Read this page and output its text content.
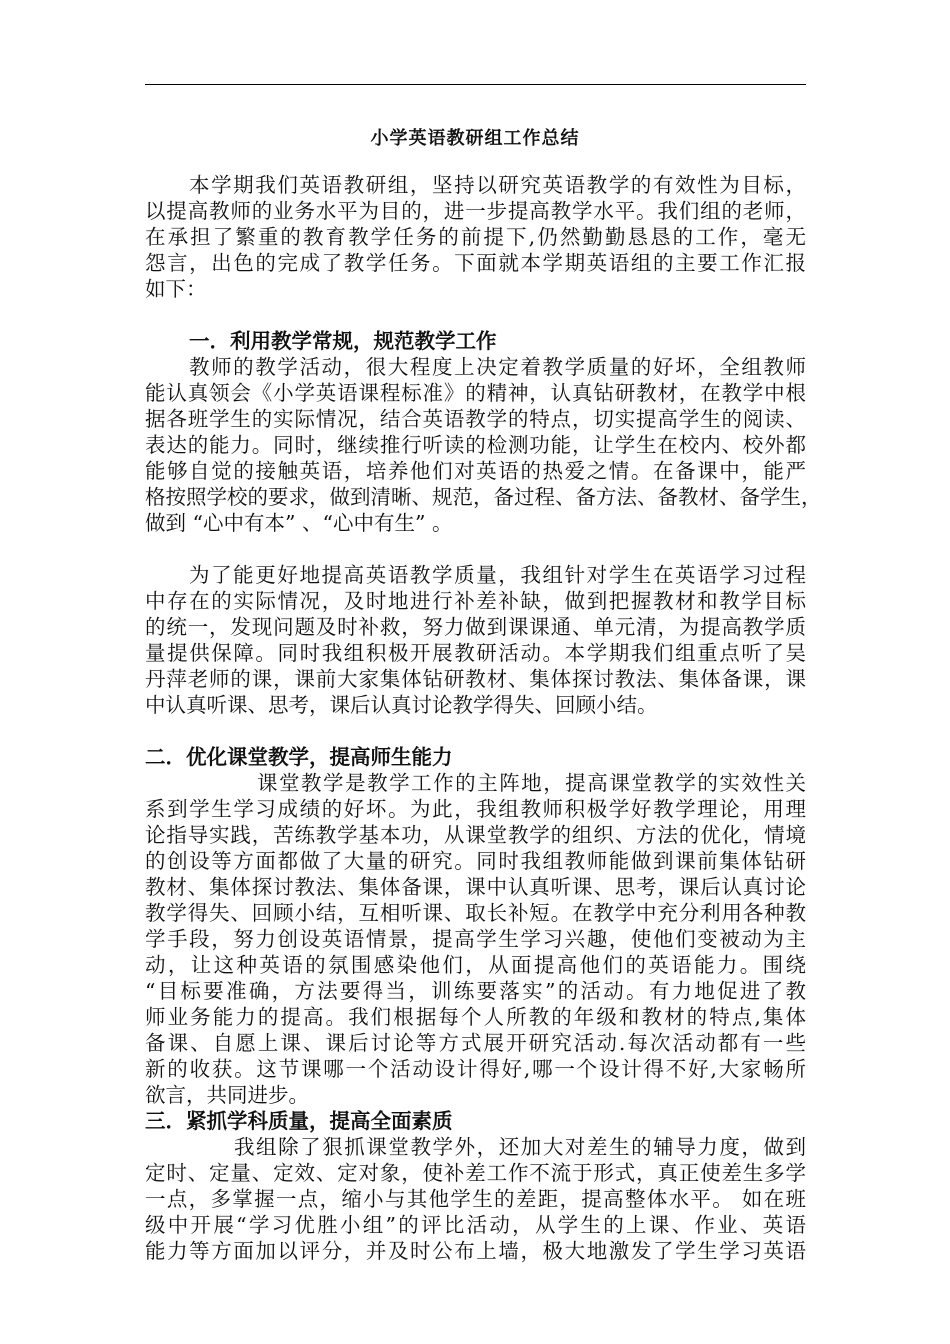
小学英语教研组工作总结
本学期我们英语教研组，坚持以研究英语教学的有效性为目标，
以提高教师的业务水平为目的，进一步提高教学水平。我们组的老师，
在承担了繁重的教育教学任务的前提下,仍然勤勤恳恳的工作，毫无
怨言，出色的完成了教学任务。下面就本学期英语组的主要工作汇报
如下：
一．利用教学常规，规范教学工作
教师的教学活动，很大程度上决定着教学质量的好坏，全组教师
能认真领会《小学英语课程标准》的精神，认真钻研教材，在教学中根
据各班学生的实际情况，结合英语教学的特点，切实提高学生的阅读、
表达的能力。同时，继续推行听读的检测功能，让学生在校内、校外都
能够自觉的接触英语，培养他们对英语的热爱之情。在备课中，能严
格按照学校的要求，做到清晰、规范，备过程、备方法、备教材、备学生，
做到 “心中有本” 、“心中有生” 。
为了能更好地提高英语教学质量，我组针对学生在英语学习过程
中存在的实际情况，及时地进行补差补缺，做到把握教材和教学目标
的统一，发现问题及时补救，努力做到课课通、单元清，为提高教学质
量提供保障。同时我组积极开展教研活动。本学期我们组重点听了吴
丹萍老师的课，课前大家集体钻研教材、集体探讨教法、集体备课，课
中认真听课、思考，课后认真讨论教学得失、回顾小结。
二．优化课堂教学，提高师生能力
课堂教学是教学工作的主阵地，提高课堂教学的实效性关
系到学生学习成绩的好坏。为此，我组教师积极学好教学理论，用理
论指导实践，苦练教学基本功，从课堂教学的组织、方法的优化，情境
的创设等方面都做了大量的研究。同时我组教师能做到课前集体钻研
教材、集体探讨教法、集体备课，课中认真听课、思考，课后认真讨论
教学得失、回顾小结，互相听课、取长补短。在教学中充分利用各种教
学手段，努力创设英语情景，提高学生学习兴趣，使他们变被动为主
动，让这种英语的氛围感染他们，从面提高他们的英语能力。围绕
“目标要准确，方法要得当，训练要落实”的活动。有力地促进了教
师业务能力的提高。我们根据每个人所教的年级和教材的特点,集体
备课、自愿上课、课后讨论等方式展开研究活动.每次活动都有一些
新的收获。这节课哪一个活动设计得好,哪一个设计得不好,大家畅所
欲言，共同进步。
三．紧抓学科质量，提高全面素质
我组除了狠抓课堂教学外，还加大对差生的辅导力度，做到
定时、定量、定效、定对象，使补差工作不流于形式，真正使差生多学
一点，多掌握一点，缩小与其他学生的差距，提高整体水平。 如在班
级中开展“学习优胜小组”的评比活动，从学生的上课、作业、英语
能力等方面加以评分，并及时公布上墙，极大地激发了学生学习英语
